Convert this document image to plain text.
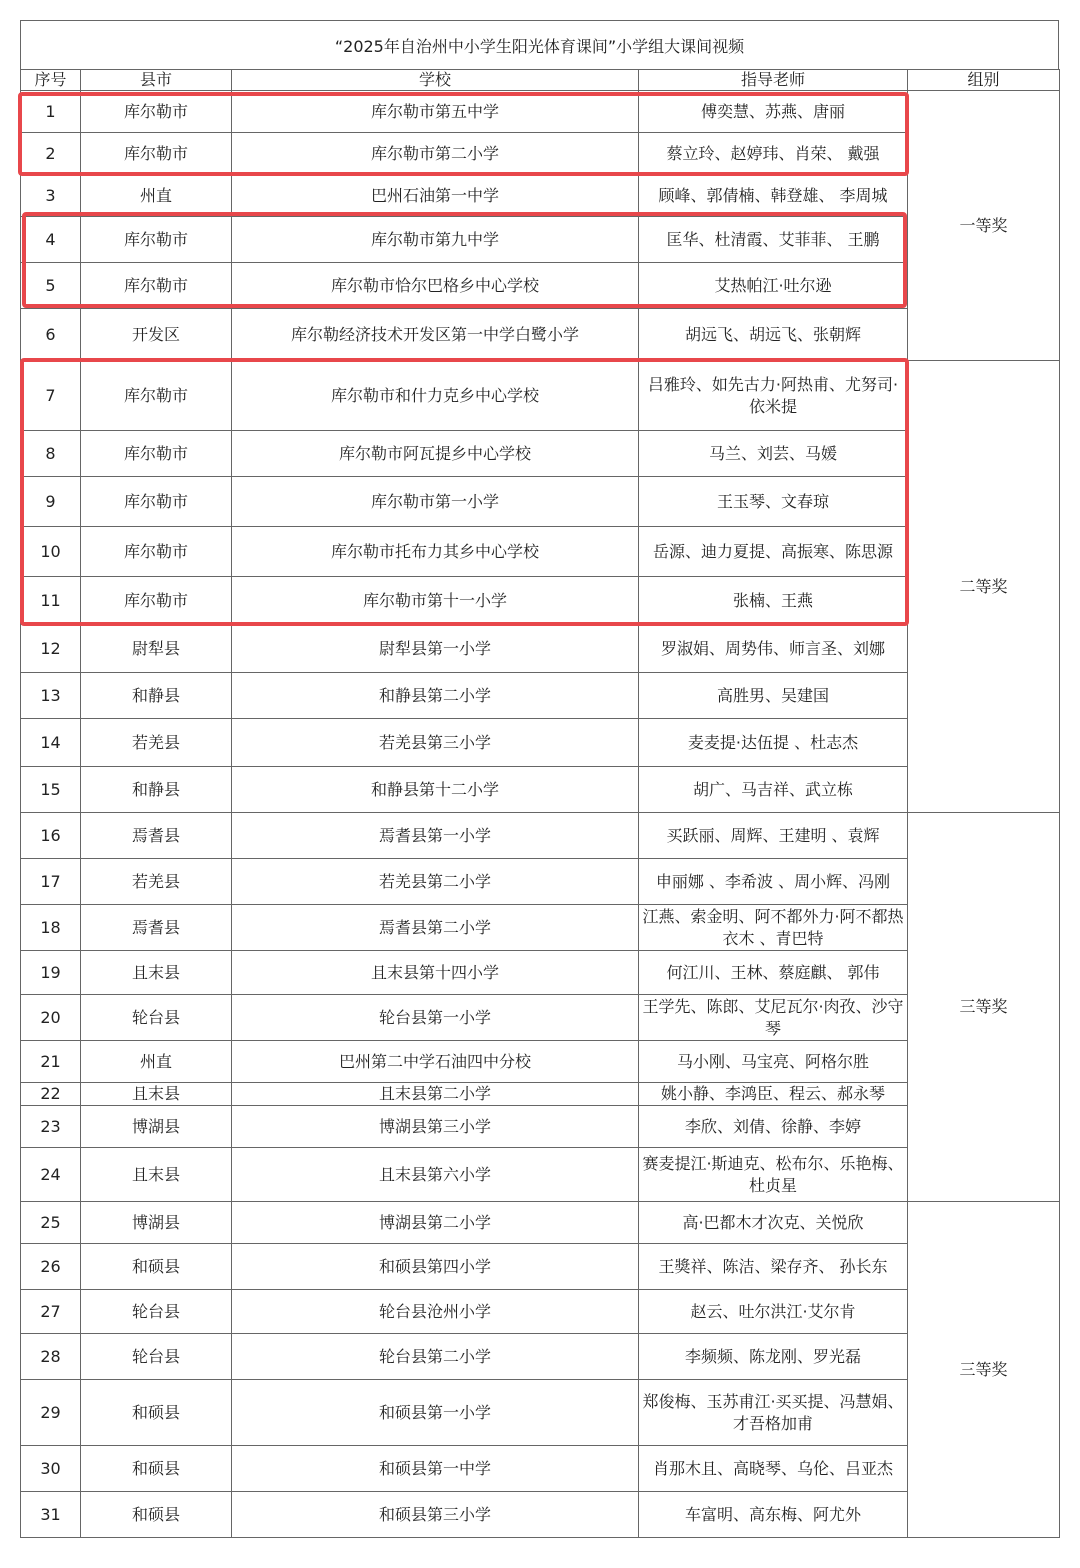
“2025年自治州中小学生阳光体育课间”小学组大课间视频
序号	县市	学校	指导老师	组别
1	库尔勒市	库尔勒市第五中学	傅奕慧、苏燕、唐丽	一等奖
2	库尔勒市	库尔勒市第二小学	蔡立玲、赵婷玮、肖荣、 戴强	
3	州直	巴州石油第一中学	顾峰、郭倩楠、韩登雄、 李周城	
4	库尔勒市	库尔勒市第九中学	匡华、杜清霞、艾菲菲、 王鹏	
5	库尔勒市	库尔勒市恰尔巴格乡中心学校	艾热帕江·吐尔逊	
6	开发区	库尔勒经济技术开发区第一中学白鹭小学	胡远飞、胡远飞、张朝辉	
7	库尔勒市	库尔勒市和什力克乡中心学校	吕雅玲、如先古力·阿热甫、尤努司·依米提	二等奖
8	库尔勒市	库尔勒市阿瓦提乡中心学校	马兰、刘芸、马媛	
9	库尔勒市	库尔勒市第一小学	王玉琴、文春琼	
10	库尔勒市	库尔勒市托布力其乡中心学校	岳源、迪力夏提、高振寒、陈思源	
11	库尔勒市	库尔勒市第十一小学	张楠、王燕	
12	尉犁县	尉犁县第一小学	罗淑娟、周势伟、师言圣、刘娜	
13	和静县	和静县第二小学	高胜男、吴建国	
14	若羌县	若羌县第三小学	麦麦提·达伍提 、杜志杰	
15	和静县	和静县第十二小学	胡广、马吉祥、武立栋	
16	焉耆县	焉耆县第一小学	买跃丽、周辉、王建明 、袁辉	三等奖
17	若羌县	若羌县第二小学	申丽娜 、李希波 、周小辉、冯刚	
18	焉耆县	焉耆县第二小学	江燕、索金明、阿不都外力·阿不都热衣木 、青巴特	
19	且末县	且末县第十四小学	何江川、王林、蔡庭麒、 郭伟	
20	轮台县	轮台县第一小学	王学先、陈郎、艾尼瓦尔·肉孜、沙守琴	
21	州直	巴州第二中学石油四中分校	马小刚、马宝亮、阿格尔胜	
22	且末县	且末县第二小学	姚小静、李鸿臣、程云、郝永琴	
23	博湖县	博湖县第三小学	李欣、刘倩、徐静、李婷	
24	且末县	且末县第六小学	赛麦提江·斯迪克、松布尔、乐艳梅、杜贞星	
25	博湖县	博湖县第二小学	高·巴都木才次克、关悦欣	三等奖
26	和硕县	和硕县第四小学	王獎祥、陈洁、梁存齐、 孙长东	
27	轮台县	轮台县沧州小学	赵云、吐尔洪江·艾尔肯	
28	轮台县	轮台县第二小学	李频频、陈龙刚、罗光磊	
29	和硕县	和硕县第一小学	郑俊梅、玉苏甫江·买买提、冯慧娟、才吾格加甫	
30	和硕县	和硕县第一中学	肖那木且、高晓琴、乌伦、吕亚杰	
31	和硕县	和硕县第三小学	车富明、高东梅、阿尤外	
